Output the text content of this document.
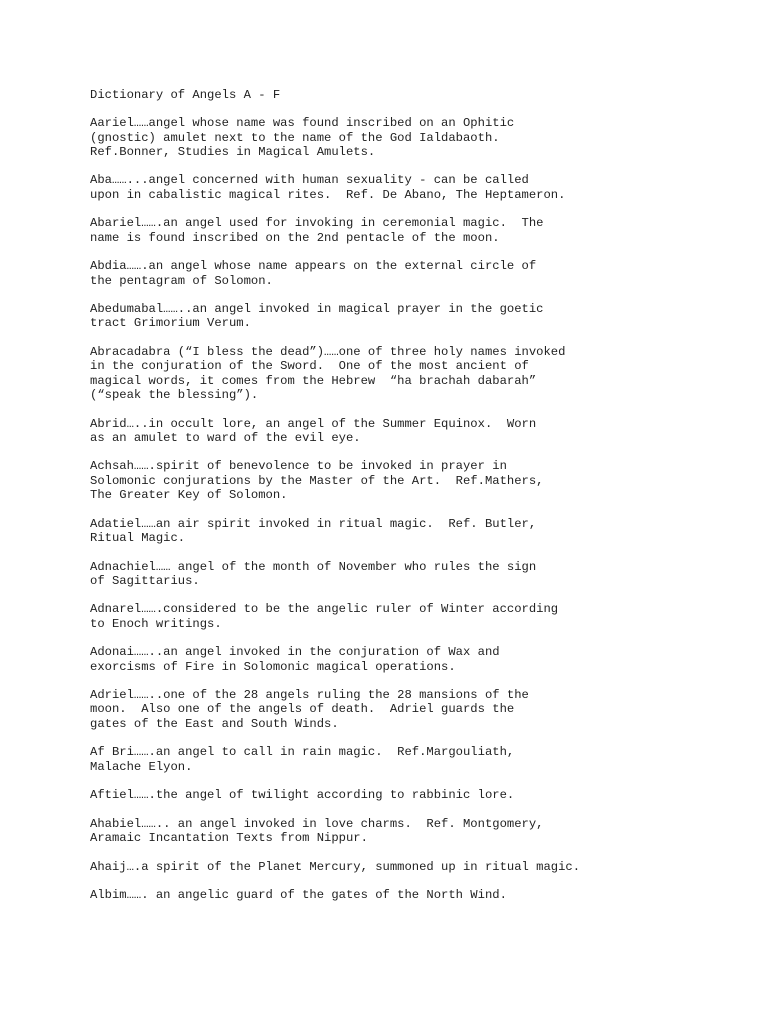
Dictionary of Angels A - F
Aariel……angel whose name was found inscribed on an Ophitic
(gnostic) amulet next to the name of the God Ialdabaoth.
Ref.Bonner, Studies in Magical Amulets.
Aba……...angel concerned with human sexuality - can be called
upon in cabalistic magical rites.  Ref. De Abano, The Heptameron.
Abariel…….an angel used for invoking in ceremonial magic.  The
name is found inscribed on the 2nd pentacle of the moon.
Abdia…….an angel whose name appears on the external circle of
the pentagram of Solomon.
Abedumabal……..an angel invoked in magical prayer in the goetic
tract Grimorium Verum.
Abracadabra (“I bless the dead”)……one of three holy names invoked
in the conjuration of the Sword.  One of the most ancient of
magical words, it comes from the Hebrew  “ha brachah dabarah”
(“speak the blessing”).
Abrid…..in occult lore, an angel of the Summer Equinox.  Worn
as an amulet to ward of the evil eye.
Achsah…….spirit of benevolence to be invoked in prayer in
Solomonic conjurations by the Master of the Art.  Ref.Mathers,
The Greater Key of Solomon.
Adatiel……an air spirit invoked in ritual magic.  Ref. Butler,
Ritual Magic.
Adnachiel…… angel of the month of November who rules the sign
of Sagittarius.
Adnarel…….considered to be the angelic ruler of Winter according
to Enoch writings.
Adonai……..an angel invoked in the conjuration of Wax and
exorcisms of Fire in Solomonic magical operations.
Adriel……..one of the 28 angels ruling the 28 mansions of the
moon.  Also one of the angels of death.  Adriel guards the
gates of the East and South Winds.
Af Bri…….an angel to call in rain magic.  Ref.Margouliath,
Malache Elyon.
Aftiel…….the angel of twilight according to rabbinic lore.
Ahabiel…….. an angel invoked in love charms.  Ref. Montgomery,
Aramaic Incantation Texts from Nippur.
Ahaij….a spirit of the Planet Mercury, summoned up in ritual magic.
Albim……. an angelic guard of the gates of the North Wind.
